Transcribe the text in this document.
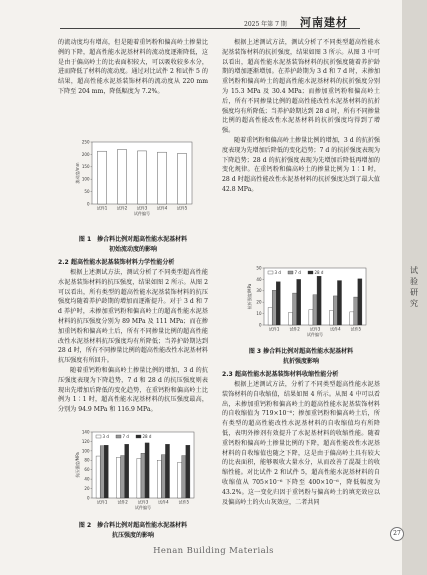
试验研究
2025 年第 7 期 河南建材

的流动度均有增高，但是随着重钙粉和偏高岭土掺量比例的下降，超高性能水泥基材料的流动度逐渐降低，这是由于偏高岭土的比表面积较大，可以吸收较多水分，进而降低了材料的流动度。通过对比试件 2 和试件 5 的结果，超高性能水泥基装饰材料的流动度从 220 mm 下降至 204 mm，降低幅度为 7.2%。

250
200
150
100
50
0
流动度/mm
试件编号
试件1 试件2 试件3 试件4 试件5
图 1　掺合料比例对超高性能水泥基材料
初始流动度的影响
2.2 超高性能水泥基装饰材料力学性能分析

根据上述测试方法，测试分析了不同类型超高性能水泥基装饰材料的抗压强度，结果如图 2 所示。从图 2 可以看出，所有类型的超高性能水泥基装饰材料的抗压强度均随着养护龄期的增加而逐渐提升。对于 3 d 和 7 d 养护时，未掺加重钙粉和偏高岭土的超高性能水泥基材料的抗压强度分别为 89 MPa 及 111 MPa；而在掺加重钙粉和偏高岭土后，所有不同掺量比例的超高性能改性水泥基材料抗压强度均有所降低；当养护龄期达到 28 d 时，所有不同掺量比例的超高性能改性水泥基材料抗压强度有所回升。

随着重钙粉和偏高岭土掺量比例的增加，3 d 的抗压强度表现为下降趋势，7 d 和 28 d 的抗压强度则表现出先增加后降低的变化趋势，在重钙粉和偏高岭土比例为 1∶1 时，超高性能水泥基材料的抗压强度最高，分别为 94.9 MPa 和 116.9 MPa。

140
120
100
80
60
40
20
0
抗压强度/MPa
试件编号
试件1 试件2 试件3 试件4 试件5
3 d	7 d	28 d
图 2　掺合料比例对超高性能水泥基材料
抗压强度的影响

根据上述测试方法，测试分析了不同类型超高性能水泥基装饰材料的抗折强度，结果如图 3 所示。从图 3 中可以看出，超高性能水泥基装饰材料的抗折强度随着养护龄期的增加逐渐增加。在养护龄期为 3 d 和 7 d 时，未掺加重钙粉和偏高岭土的超高性能水泥基材料的抗折强度分别为 15.3 MPa 及 30.4 MPa；而掺加重钙粉和偏高岭土后，所有不同掺量比例的超高性能改性水泥基材料的抗折强度均有所降低；当养护龄期达到 28 d 时，所有不同掺量比例的超高性能改性水泥基材料的抗折强度均得到了增强。

随着重钙粉和偏高岭土掺量比例的增加，3 d 的抗折强度表现为先增加后降低的变化趋势；7 d 的抗折强度表现为下降趋势；28 d 的抗折强度表现为先增加后降低再增加的变化规律。在重钙粉和偏高岭土的掺量比例为 1∶1 时，28 d 时超高性能改性水泥基材料的抗折强度达到了最大值 42.8 MPa。

50
40
30
20
10
0
抗折强度/MPa
试件编号
试件1 试件2 试件3 试件4 试件5
3 d	7 d	28 d
图 3 掺合料比例对超高性能水泥基材料
抗折强度影响
2.3 超高性能水泥基装饰材料收缩性能分析

根据上述测试方法，分析了不同类型超高性能水泥基装饰材料的自收缩值，结果如图 4 所示。从图 4 中可以看出，未掺加重钙粉和偏高岭土的超高性能水泥基装饰材料的自收缩值为 719×10⁻⁶；掺加重钙粉和偏高岭土后，所有类型的超高性能改性水泥基材料的自收缩值均有所降低，表明外掺剂有效提升了水泥基材料的收缩性能。随着重钙粉和偏高岭土掺量比例的下降，超高性能改性水泥基材料的自收缩值也随之下降，这是由于偏高岭土具有较大的比表面积，能够吸收大量水分，从而改善了混凝土的收缩性能。对比试件 2 和试件 5，超高性能水泥基材料的自收缩值从 705×10⁻⁶ 下降至 400×10⁻⁶，降低幅度为 43.2%。这一变化归因于重钙粉与偏高岭土的填充效应以及偏高岭土的火山灰效应，二者共同

27
Henan Building Materials
